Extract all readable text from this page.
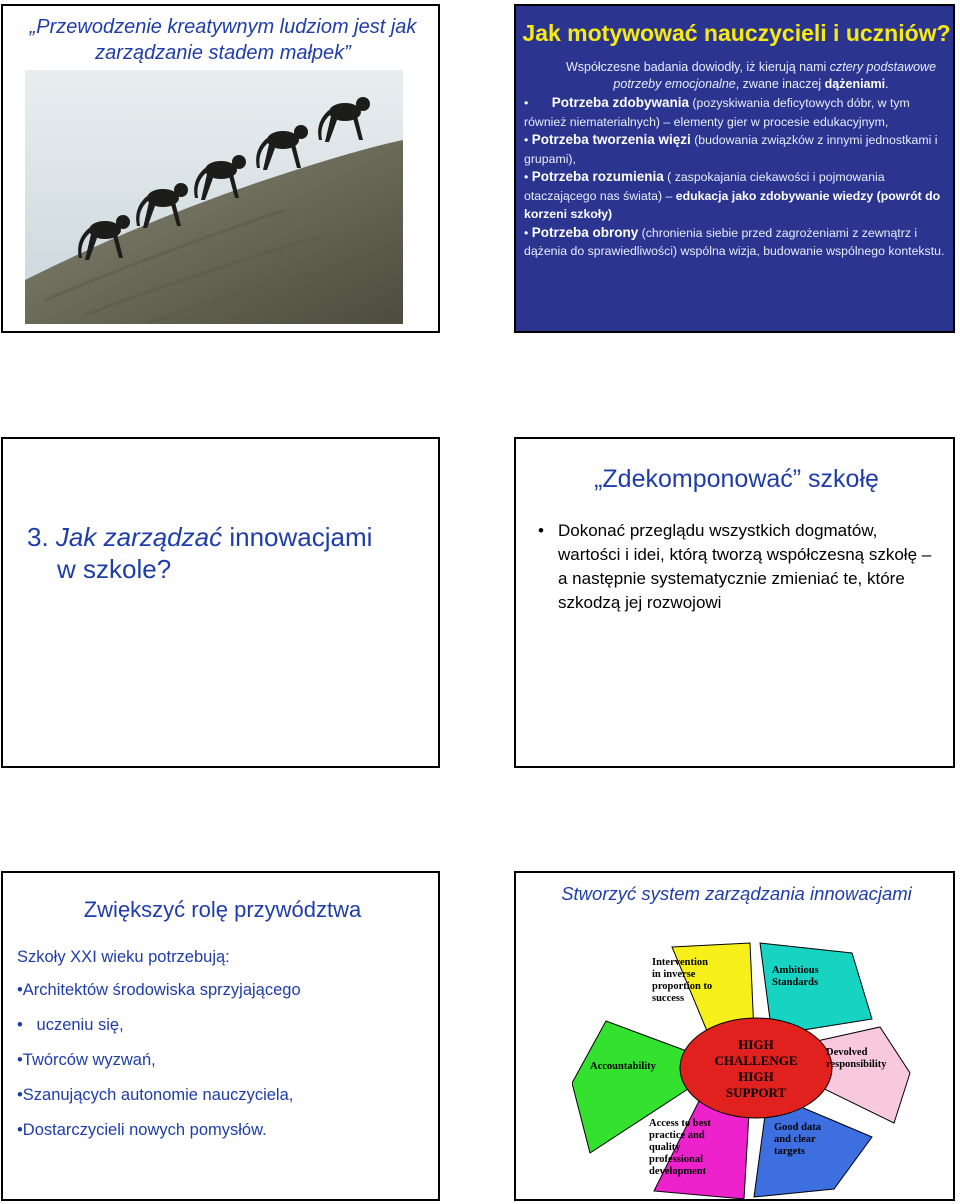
„Przewodzenie kreatywnym ludziom jest jak
zarządzanie stadem małpek”
Jak motywować nauczycieli i uczniów?
Współczesne badania dowiodły, iż kierują nami cztery podstawowe potrzeby emocjonalne, zwane inaczej dążeniami.
• Potrzeba zdobywania (pozyskiwania deficytowych dóbr, w tym również niematerialnych) – elementy gier w procesie edukacyjnym,
• Potrzeba tworzenia więzi (budowania związków z innymi jednostkami i grupami),
• Potrzeba rozumienia ( zaspokajania ciekawości i pojmowania otaczającego nas świata) – edukacja jako zdobywanie wiedzy (powrót do korzeni szkoły)
• Potrzeba obrony (chronienia siebie przed zagrożeniami z zewnątrz i dążenia do sprawiedliwości) wspólna wizja, budowanie wspólnego kontekstu.
3. Jak zarządzać innowacjami
w szkole?
„Zdekomponować” szkołę
• Dokonać przeglądu wszystkich dogmatów, wartości i idei, którą tworzą współczesną szkołę – a następnie systematycznie zmieniać te, które szkodzą jej rozwojowi
Zwiększyć rolę przywództwa
Szkoły XXI wieku potrzebują:
•Architektów środowiska sprzyjającego
•   uczeniu się,
•Twórców wyzwań,
•Szanujących autonomie nauczyciela,
•Dostarczycieli nowych pomysłów.
Stworzyć system zarządzania innowacjami
HIGH
CHALLENGE
HIGH
SUPPORT
Intervention
in inverse
proportion to
success
Ambitious
Standards
Devolved
responsibility
Good data
and clear
targets
Access to best
practice and
quality
professional
development
Accountability
